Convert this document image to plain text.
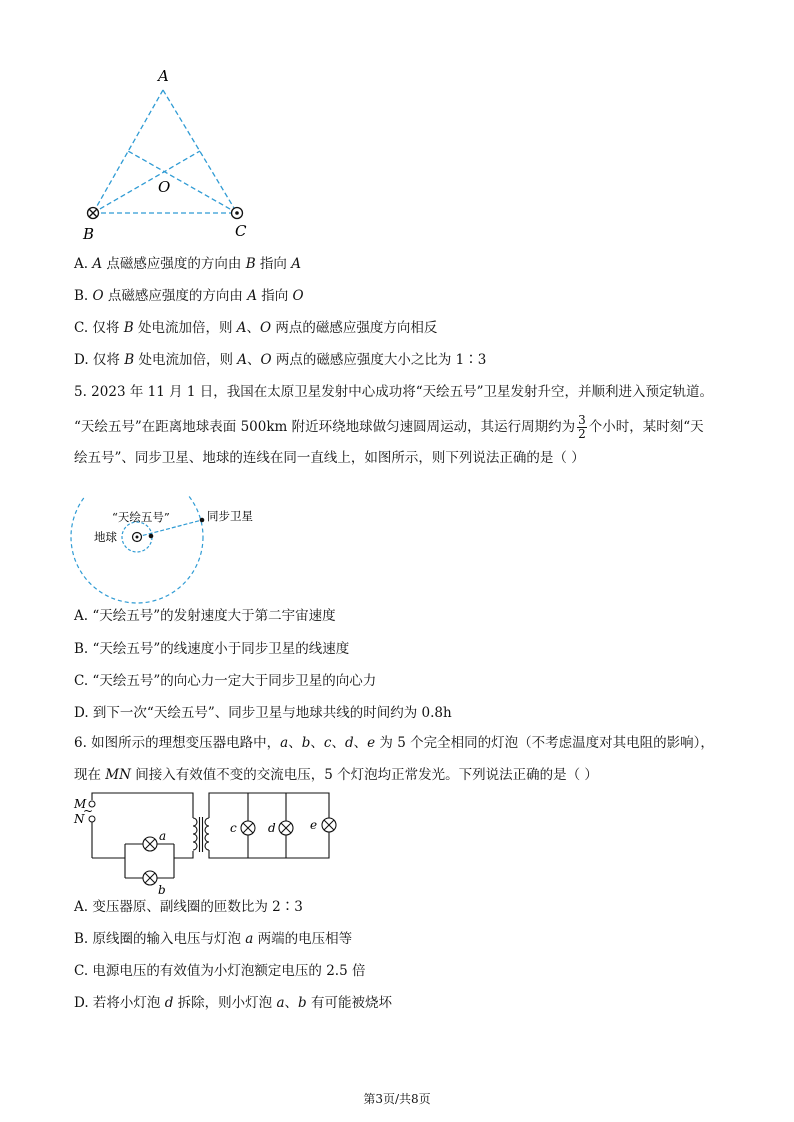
A
O
B	C
A. A 点磁感应强度的方向由 B 指向 A
B. O 点磁感应强度的方向由 A 指向 O
C. 仅将 B 处电流加倍，则 A、O 两点的磁感应强度方向相反
D. 仅将 B 处电流加倍，则 A、O 两点的磁感应强度大小之比为 1∶3
5. 2023 年 11 月 1 日，我国在太原卫星发射中心成功将“天绘五号”卫星发射升空，并顺利进入预定轨道。
“天绘五号”在距离地球表面 500km 附近环绕地球做匀速圆周运动，其运行周期约为 $\frac{3}{2}$ 个小时，某时刻“天
绘五号”、同步卫星、地球的连线在同一直线上，如图所示，则下列说法正确的是（ ）
“天绘五号”	同步卫星
地球
A. “天绘五号”的发射速度大于第二宇宙速度
B. “天绘五号”的线速度小于同步卫星的线速度
C. “天绘五号”的向心力一定大于同步卫星的向心力
D. 到下一次“天绘五号”、同步卫星与地球共线的时间约为 0.8h
6. 如图所示的理想变压器电路中，a、b、c、d、e 为 5 个完全相同的灯泡（不考虑温度对其电阻的影响），
现在 MN 间接入有效值不变的交流电压，5 个灯泡均正常发光。下列说法正确的是（ ）
M
~
N
a
b
c	d	e
A. 变压器原、副线圈的匝数比为 2∶3
B. 原线圈的输入电压与灯泡 a 两端的电压相等
C. 电源电压的有效值为小灯泡额定电压的 2.5 倍
D. 若将小灯泡 d 拆除，则小灯泡 a、b 有可能被烧坏
第3页/共8页
